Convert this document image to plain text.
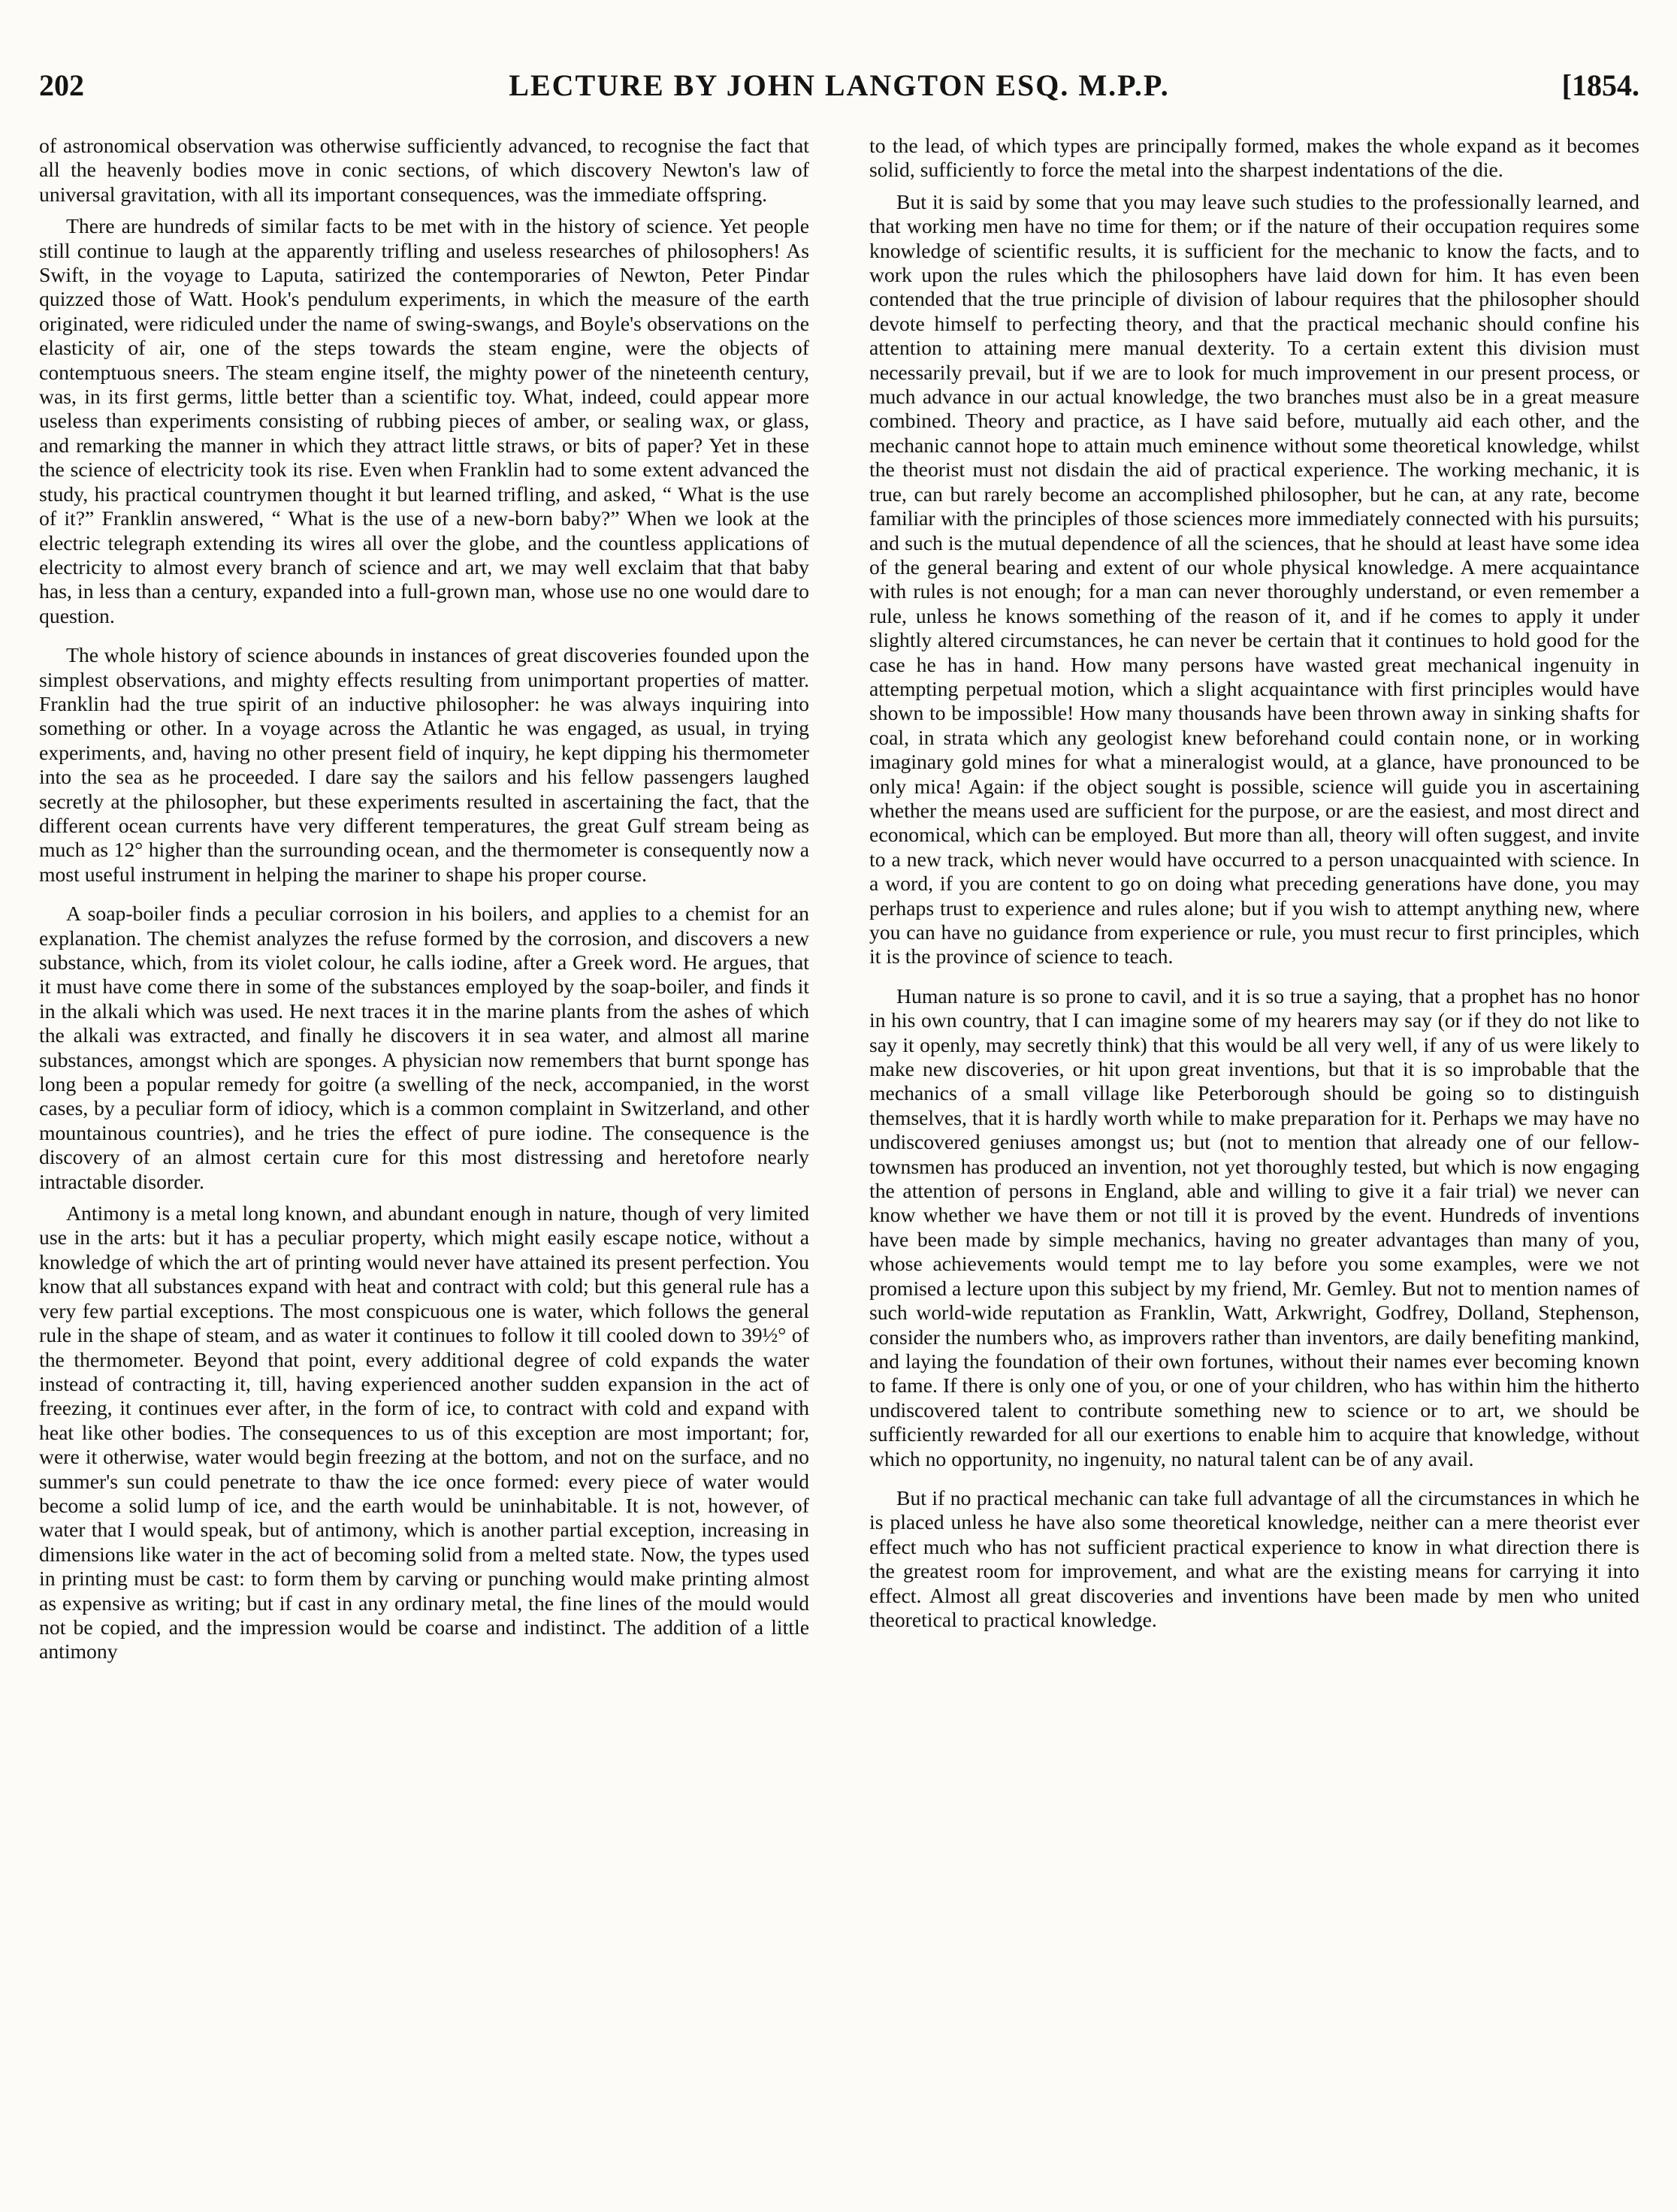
202	LECTURE BY JOHN LANGTON ESQ. M.P.P.	[1854.

of astronomical observation was otherwise sufficiently advanced, to recognise the fact that all the heavenly bodies move in conic sections, of which discovery Newton's law of universal gravitation, with all its important consequences, was the immediate offspring.

There are hundreds of similar facts to be met with in the history of science. Yet people still continue to laugh at the apparently trifling and useless researches of philosophers! As Swift, in the voyage to Laputa, satirized the contemporaries of Newton, Peter Pindar quizzed those of Watt. Hook's pendulum experiments, in which the measure of the earth originated, were ridiculed under the name of swing-swangs, and Boyle's observations on the elasticity of air, one of the steps towards the steam engine, were the objects of contemptuous sneers. The steam engine itself, the mighty power of the nineteenth century, was, in its first germs, little better than a scientific toy. What, indeed, could appear more useless than experiments consisting of rubbing pieces of amber, or sealing wax, or glass, and remarking the manner in which they attract little straws, or bits of paper? Yet in these the science of electricity took its rise. Even when Franklin had to some extent advanced the study, his practical countrymen thought it but learned trifling, and asked, “ What is the use of it?” Franklin answered, “ What is the use of a new-born baby?” When we look at the electric telegraph extending its wires all over the globe, and the countless applications of electricity to almost every branch of science and art, we may well exclaim that that baby has, in less than a century, expanded into a full-grown man, whose use no one would dare to question.

The whole history of science abounds in instances of great discoveries founded upon the simplest observations, and mighty effects resulting from unimportant properties of matter. Franklin had the true spirit of an inductive philosopher: he was always inquiring into something or other. In a voyage across the Atlantic he was engaged, as usual, in trying experiments, and, having no other present field of inquiry, he kept dipping his thermometer into the sea as he proceeded. I dare say the sailors and his fellow passengers laughed secretly at the philosopher, but these experiments resulted in ascertaining the fact, that the different ocean currents have very different temperatures, the great Gulf stream being as much as 12° higher than the surrounding ocean, and the thermometer is consequently now a most useful instrument in helping the mariner to shape his proper course.

A soap-boiler finds a peculiar corrosion in his boilers, and applies to a chemist for an explanation. The chemist analyzes the refuse formed by the corrosion, and discovers a new substance, which, from its violet colour, he calls iodine, after a Greek word. He argues, that it must have come there in some of the substances employed by the soap-boiler, and finds it in the alkali which was used. He next traces it in the marine plants from the ashes of which the alkali was extracted, and finally he discovers it in sea water, and almost all marine substances, amongst which are sponges. A physician now remembers that burnt sponge has long been a popular remedy for goitre (a swelling of the neck, accompanied, in the worst cases, by a peculiar form of idiocy, which is a common complaint in Switzerland, and other mountainous countries), and he tries the effect of pure iodine. The consequence is the discovery of an almost certain cure for this most distressing and heretofore nearly intractable disorder.

Antimony is a metal long known, and abundant enough in nature, though of very limited use in the arts: but it has a peculiar property, which might easily escape notice, without a knowledge of which the art of printing would never have attained its present perfection. You know that all substances expand with heat and contract with cold; but this general rule has a very few partial exceptions. The most conspicuous one is water, which follows the general rule in the shape of steam, and as water it continues to follow it till cooled down to 39½° of the thermometer. Beyond that point, every additional degree of cold expands the water instead of contracting it, till, having experienced another sudden expansion in the act of freezing, it continues ever after, in the form of ice, to contract with cold and expand with heat like other bodies. The consequences to us of this exception are most important; for, were it otherwise, water would begin freezing at the bottom, and not on the surface, and no summer's sun could penetrate to thaw the ice once formed: every piece of water would become a solid lump of ice, and the earth would be uninhabitable. It is not, however, of water that I would speak, but of antimony, which is another partial exception, increasing in dimensions like water in the act of becoming solid from a melted state. Now, the types used in printing must be cast: to form them by carving or punching would make printing almost as expensive as writing; but if cast in any ordinary metal, the fine lines of the mould would not be copied, and the impression would be coarse and indistinct. The addition of a little antimony

to the lead, of which types are principally formed, makes the whole expand as it becomes solid, sufficiently to force the metal into the sharpest indentations of the die.

But it is said by some that you may leave such studies to the professionally learned, and that working men have no time for them; or if the nature of their occupation requires some knowledge of scientific results, it is sufficient for the mechanic to know the facts, and to work upon the rules which the philosophers have laid down for him. It has even been contended that the true principle of division of labour requires that the philosopher should devote himself to perfecting theory, and that the practical mechanic should confine his attention to attaining mere manual dexterity. To a certain extent this division must necessarily prevail, but if we are to look for much improvement in our present process, or much advance in our actual knowledge, the two branches must also be in a great measure combined. Theory and practice, as I have said before, mutually aid each other, and the mechanic cannot hope to attain much eminence without some theoretical knowledge, whilst the theorist must not disdain the aid of practical experience. The working mechanic, it is true, can but rarely become an accomplished philosopher, but he can, at any rate, become familiar with the principles of those sciences more immediately connected with his pursuits; and such is the mutual dependence of all the sciences, that he should at least have some idea of the general bearing and extent of our whole physical knowledge. A mere acquaintance with rules is not enough; for a man can never thoroughly understand, or even remember a rule, unless he knows something of the reason of it, and if he comes to apply it under slightly altered circumstances, he can never be certain that it continues to hold good for the case he has in hand. How many persons have wasted great mechanical ingenuity in attempting perpetual motion, which a slight acquaintance with first principles would have shown to be impossible! How many thousands have been thrown away in sinking shafts for coal, in strata which any geologist knew beforehand could contain none, or in working imaginary gold mines for what a mineralogist would, at a glance, have pronounced to be only mica! Again: if the object sought is possible, science will guide you in ascertaining whether the means used are sufficient for the purpose, or are the easiest, and most direct and economical, which can be employed. But more than all, theory will often suggest, and invite to a new track, which never would have occurred to a person unacquainted with science. In a word, if you are content to go on doing what preceding generations have done, you may perhaps trust to experience and rules alone; but if you wish to attempt anything new, where you can have no guidance from experience or rule, you must recur to first principles, which it is the province of science to teach.

Human nature is so prone to cavil, and it is so true a saying, that a prophet has no honor in his own country, that I can imagine some of my hearers may say (or if they do not like to say it openly, may secretly think) that this would be all very well, if any of us were likely to make new discoveries, or hit upon great inventions, but that it is so improbable that the mechanics of a small village like Peterborough should be going so to distinguish themselves, that it is hardly worth while to make preparation for it. Perhaps we may have no undiscovered geniuses amongst us; but (not to mention that already one of our fellow-townsmen has produced an invention, not yet thoroughly tested, but which is now engaging the attention of persons in England, able and willing to give it a fair trial) we never can know whether we have them or not till it is proved by the event. Hundreds of inventions have been made by simple mechanics, having no greater advantages than many of you, whose achievements would tempt me to lay before you some examples, were we not promised a lecture upon this subject by my friend, Mr. Gemley. But not to mention names of such world-wide reputation as Franklin, Watt, Arkwright, Godfrey, Dolland, Stephenson, consider the numbers who, as improvers rather than inventors, are daily benefiting mankind, and laying the foundation of their own fortunes, without their names ever becoming known to fame. If there is only one of you, or one of your children, who has within him the hitherto undiscovered talent to contribute something new to science or to art, we should be sufficiently rewarded for all our exertions to enable him to acquire that knowledge, without which no opportunity, no ingenuity, no natural talent can be of any avail.

But if no practical mechanic can take full advantage of all the circumstances in which he is placed unless he have also some theoretical knowledge, neither can a mere theorist ever effect much who has not sufficient practical experience to know in what direction there is the greatest room for improvement, and what are the existing means for carrying it into effect. Almost all great discoveries and inventions have been made by men who united theoretical to practical knowledge.
